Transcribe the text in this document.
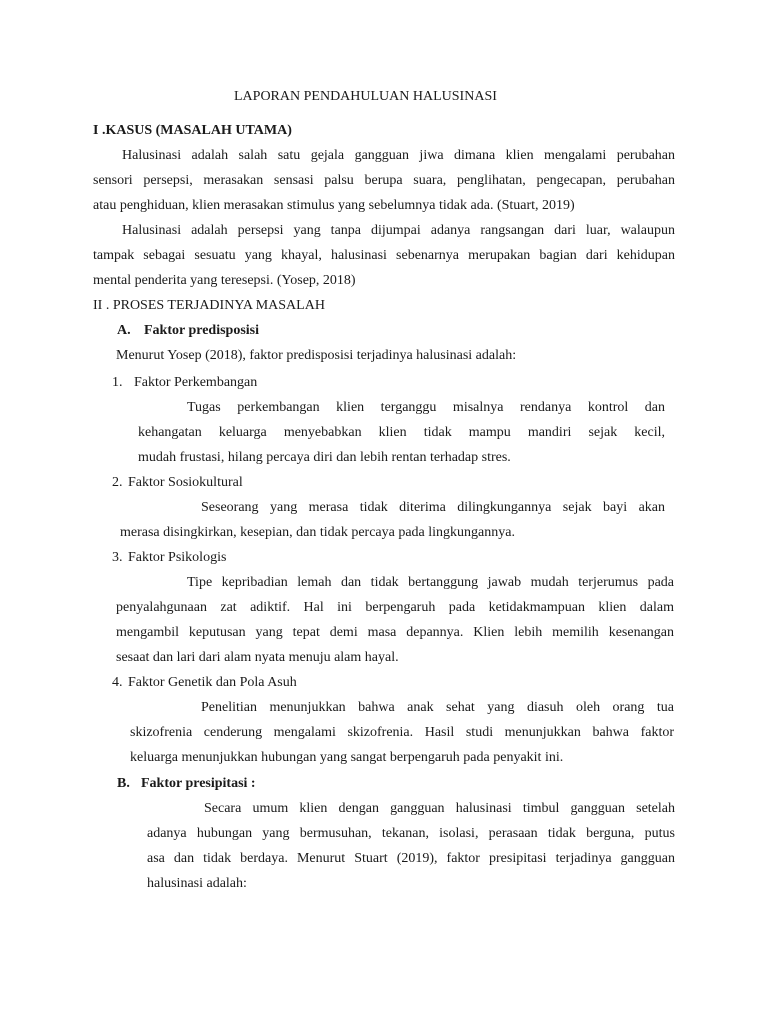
LAPORAN PENDAHULUAN HALUSINASI
I .KASUS (MASALAH UTAMA)
Halusinasi adalah salah satu gejala gangguan jiwa dimana klien mengalami perubahan
sensori persepsi, merasakan sensasi palsu berupa suara, penglihatan, pengecapan, perubahan
atau penghiduan, klien merasakan stimulus yang sebelumnya tidak ada. (Stuart, 2019)
Halusinasi adalah persepsi yang tanpa dijumpai adanya rangsangan dari luar, walaupun
tampak sebagai sesuatu yang khayal, halusinasi sebenarnya merupakan bagian dari kehidupan
mental penderita yang teresepsi. (Yosep, 2018)
II . PROSES TERJADINYA MASALAH
A. Faktor predisposisi
Menurut Yosep (2018), faktor predisposisi terjadinya halusinasi adalah:
1. Faktor Perkembangan
Tugas perkembangan klien terganggu misalnya rendanya kontrol dan
kehangatan keluarga menyebabkan klien tidak mampu mandiri sejak kecil,
mudah frustasi, hilang percaya diri dan lebih rentan terhadap stres.
2. Faktor Sosiokultural
Seseorang yang merasa tidak diterima dilingkungannya sejak bayi akan
merasa disingkirkan, kesepian, dan tidak percaya pada lingkungannya.
3. Faktor Psikologis
Tipe kepribadian lemah dan tidak bertanggung jawab mudah terjerumus pada
penyalahgunaan zat adiktif. Hal ini berpengaruh pada ketidakmampuan klien dalam
mengambil keputusan yang tepat demi masa depannya. Klien lebih memilih kesenangan
sesaat dan lari dari alam nyata menuju alam hayal.
4. Faktor Genetik dan Pola Asuh
Penelitian menunjukkan bahwa anak sehat yang diasuh oleh orang tua
skizofrenia cenderung mengalami skizofrenia. Hasil studi menunjukkan bahwa faktor
keluarga menunjukkan hubungan yang sangat berpengaruh pada penyakit ini.
B. Faktor presipitasi :
Secara umum klien dengan gangguan halusinasi timbul gangguan setelah
adanya hubungan yang bermusuhan, tekanan, isolasi, perasaan tidak berguna, putus
asa dan tidak berdaya. Menurut Stuart (2019), faktor presipitasi terjadinya gangguan
halusinasi adalah:
